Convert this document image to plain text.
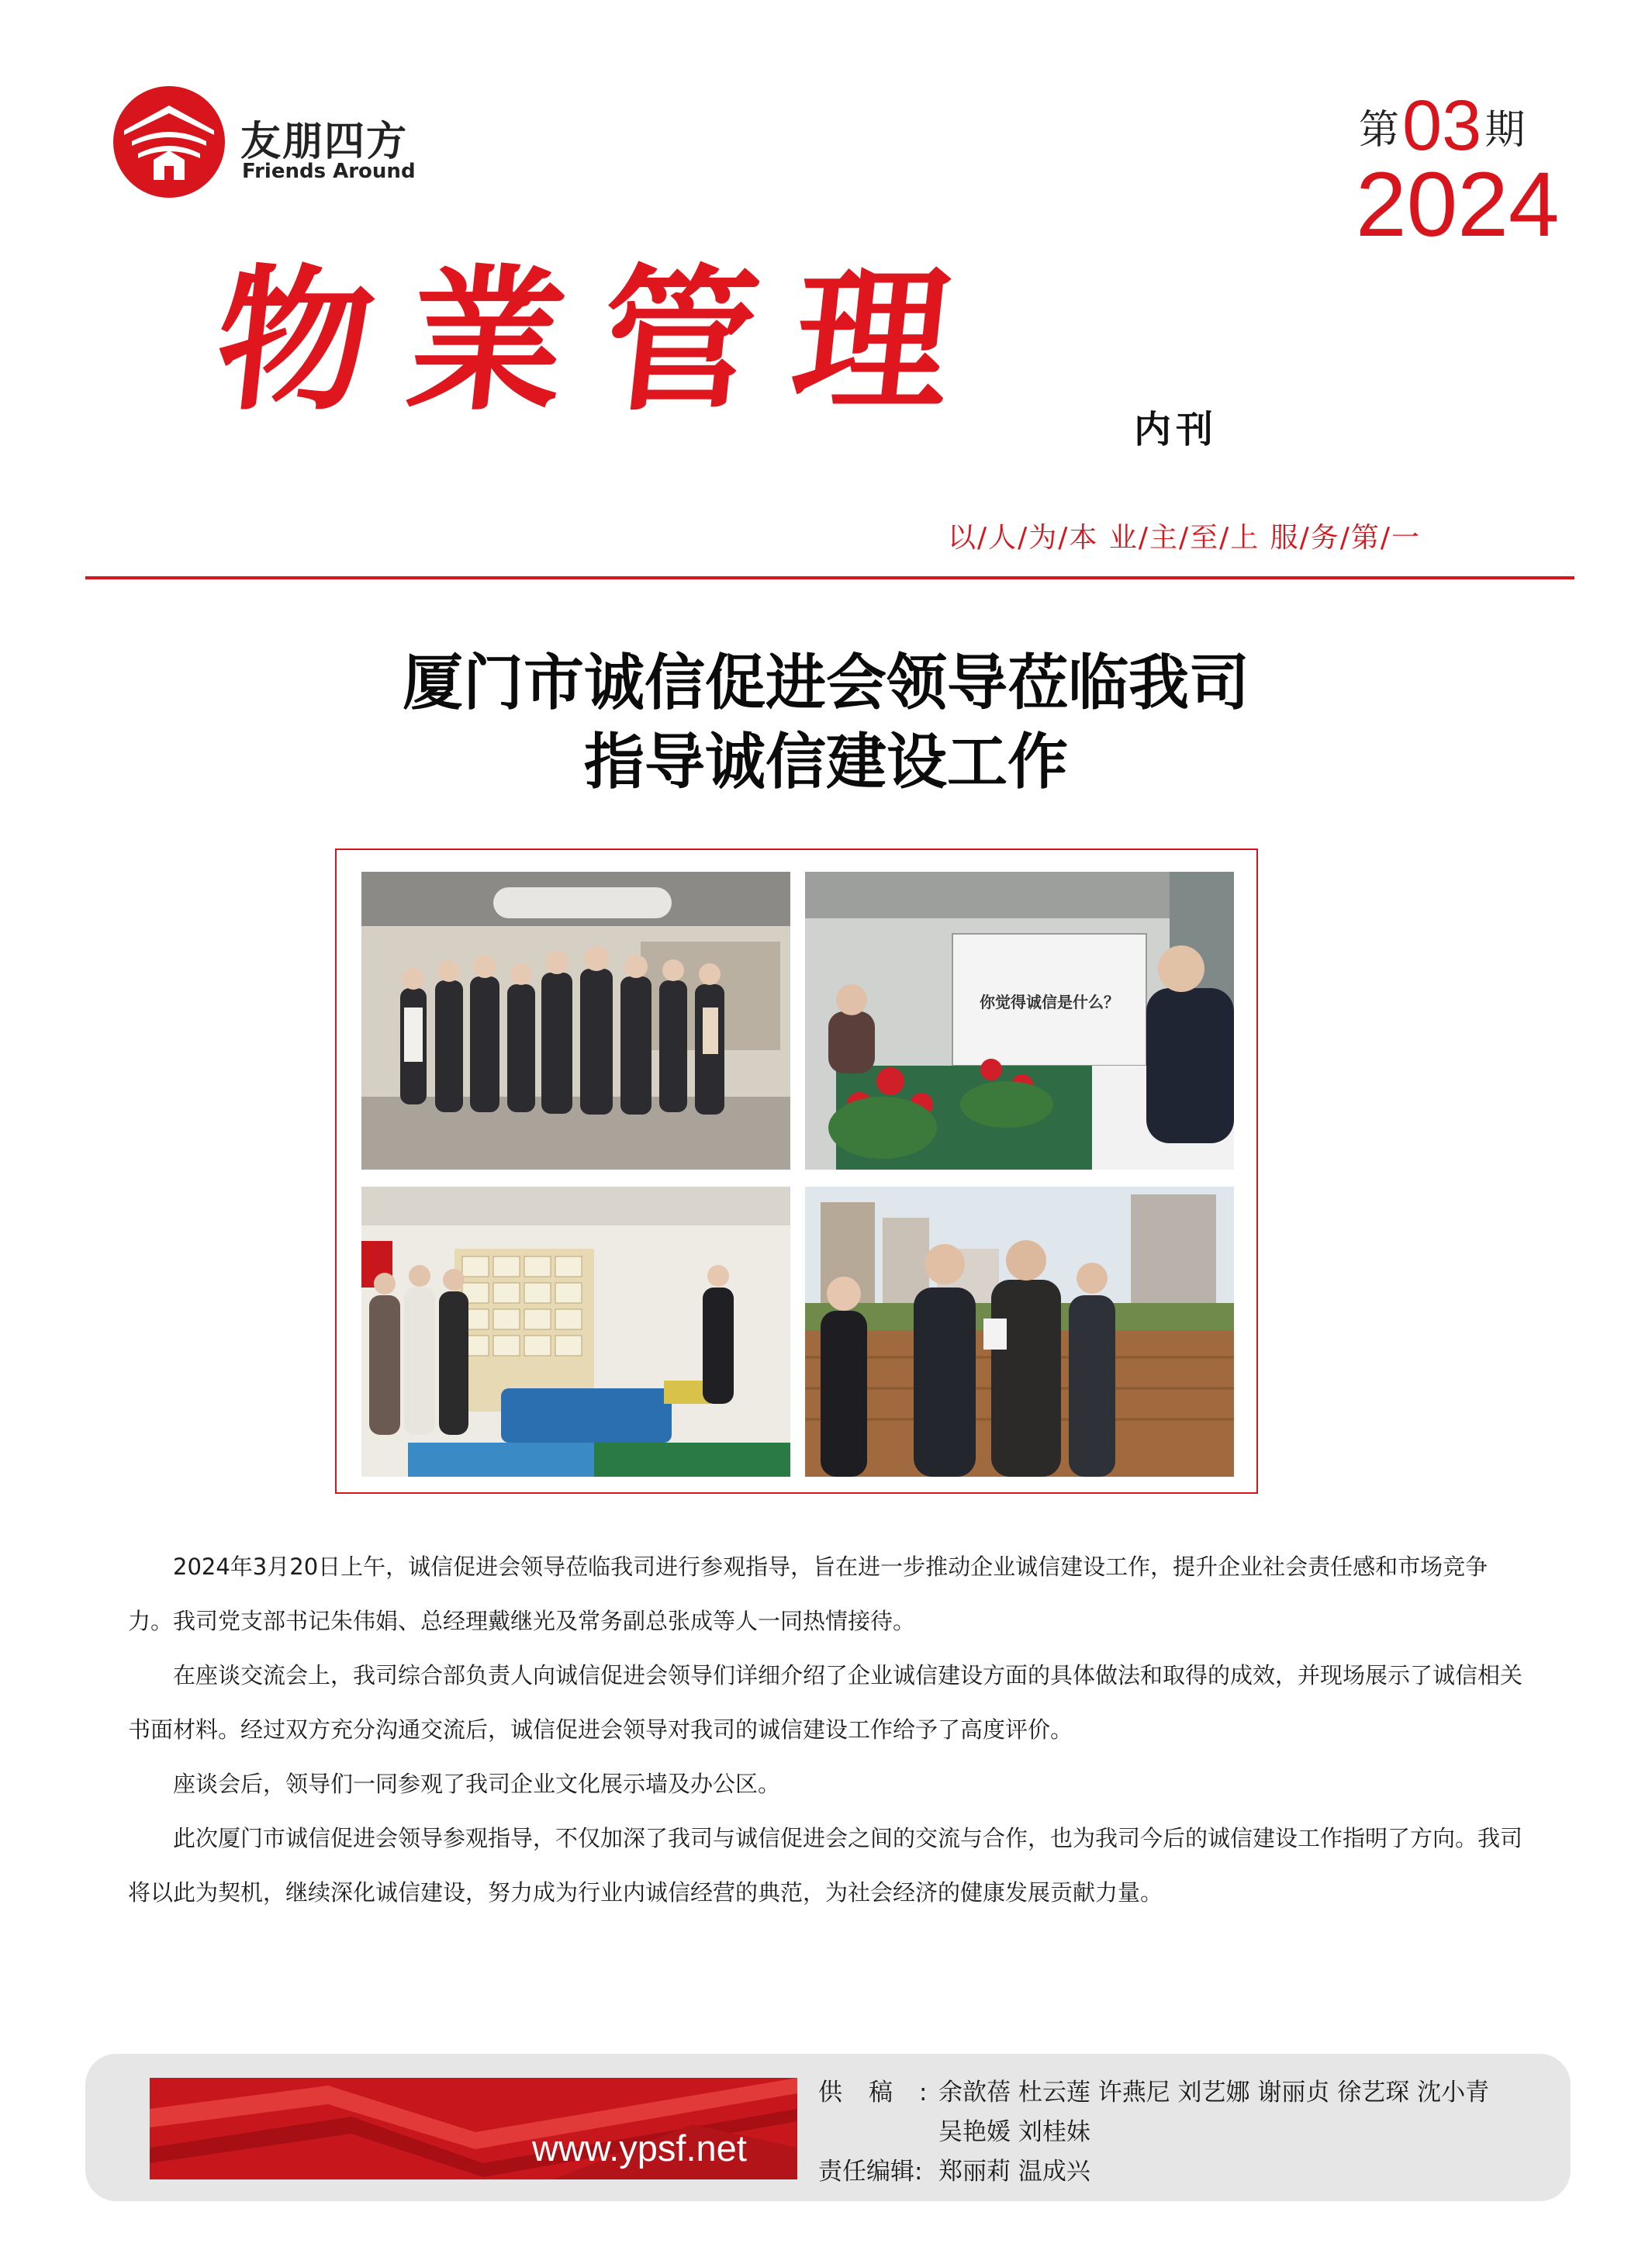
友朋四方
Friends Around
第03期
2024
物業管理	内刊
以/人/为/本 业/主/至/上 服/务/第/一
厦门市诚信促进会领导莅临我司
指导诚信建设工作
你觉得诚信是什么？

2024年3月20日上午，诚信促进会领导莅临我司进行参观指导，旨在进一步推动企业诚信建设工作，提升企业社会责任感和市场竞争力。我司党支部书记朱伟娟、总经理戴继光及常务副总张成等人一同热情接待。

在座谈交流会上，我司综合部负责人向诚信促进会领导们详细介绍了企业诚信建设方面的具体做法和取得的成效，并现场展示了诚信相关书面材料。经过双方充分沟通交流后，诚信促进会领导对我司的诚信建设工作给予了高度评价。

座谈会后，领导们一同参观了我司企业文化展示墙及办公区。

此次厦门市诚信促进会领导参观指导，不仅加深了我司与诚信促进会之间的交流与合作，也为我司今后的诚信建设工作指明了方向。我司将以此为契机，继续深化诚信建设，努力成为行业内诚信经营的典范，为社会经济的健康发展贡献力量。

www.ypsf.net
供稿:
余歆蓓 杜云莲 许燕尼 刘艺娜 谢丽贞 徐艺琛 沈小青
吴艳媛 刘桂妹
责任编辑: 郑丽莉 温成兴
